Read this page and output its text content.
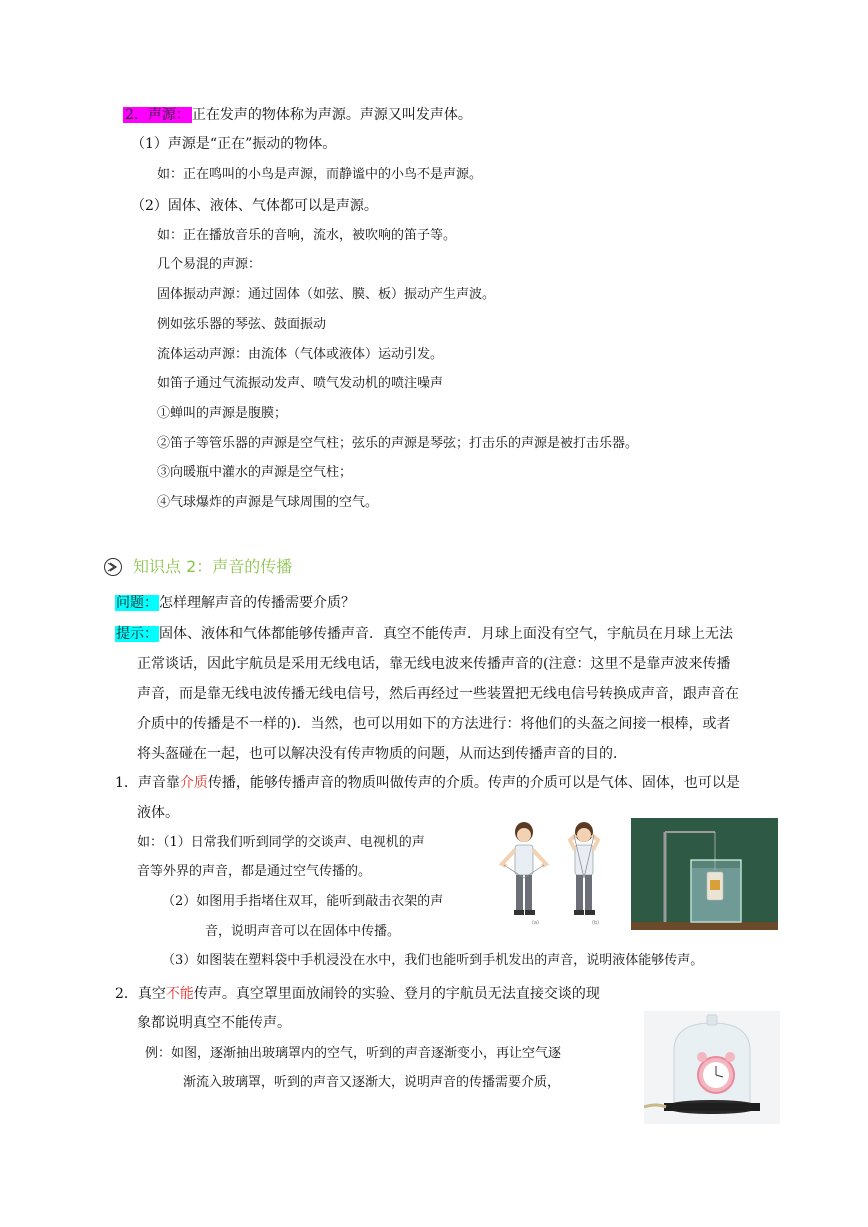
2．声源： 正在发声的物体称为声源。声源又叫发声体。
（1）声源是“正在”振动的物体。
如：正在鸣叫的小鸟是声源，而静谧中的小鸟不是声源。
（2）固体、液体、气体都可以是声源。
如：正在播放音乐的音响，流水，被吹响的笛子等。
几个易混的声源：
固体振动声源：通过固体（如弦、膜、板）振动产生声波。
例如弦乐器的琴弦、鼓面振动
流体运动声源：由流体（气体或液体）运动引发。
如笛子通过气流振动发声、喷气发动机的喷注噪声
①蝉叫的声源是腹膜；
②笛子等管乐器的声源是空气柱；弦乐的声源是琴弦；打击乐的声源是被打击乐器。
③向暖瓶中灌水的声源是空气柱；
④气球爆炸的声源是气球周围的空气。
知识点 2：声音的传播
问题：怎样理解声音的传播需要介质？
提示：固体、液体和气体都能够传播声音．真空不能传声．月球上面没有空气，宇航员在月球上无法
正常谈话，因此宇航员是采用无线电话，靠无线电波来传播声音的(注意：这里不是靠声波来传播
声音，而是靠无线电波传播无线电信号，然后再经过一些装置把无线电信号转换成声音，跟声音在
介质中的传播是不一样的)．当然，也可以用如下的方法进行：将他们的头盔之间接一根棒，或者
将头盔碰在一起，也可以解决没有传声物质的问题，从而达到传播声音的目的．
1．声音靠介质传播，能够传播声音的物质叫做传声的介质。传声的介质可以是气体、固体，也可以是
液体。
如：（1）日常我们听到同学的交谈声、电视机的声
音等外界的声音，都是通过空气传播的。
（2）如图用手指堵住双耳，能听到敲击衣架的声
音，说明声音可以在固体中传播。
（3）如图装在塑料袋中手机浸没在水中，我们也能听到手机发出的声音，说明液体能够传声。
(a)	(b)
2．真空不能传声。真空罩里面放闹铃的实验、登月的宇航员无法直接交谈的现
象都说明真空不能传声。
例：如图，逐渐抽出玻璃罩内的空气，听到的声音逐渐变小，再让空气逐
渐流入玻璃罩，听到的声音又逐渐大，说明声音的传播需要介质，
